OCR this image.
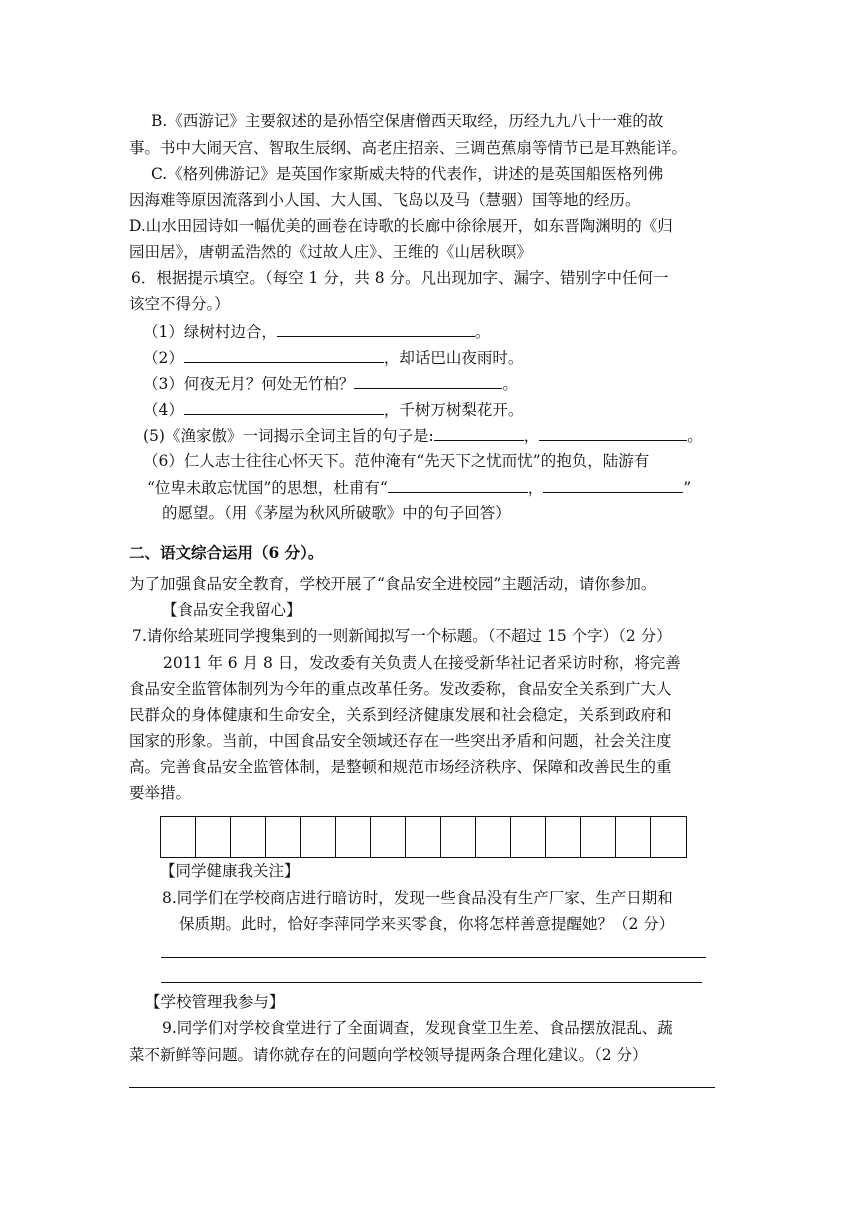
B.《西游记》主要叙述的是孙悟空保唐僧西天取经，历经九九八十一难的故
事。书中大闹天宫、智取生辰纲、高老庄招亲、三调芭蕉扇等情节已是耳熟能详。
C.《格列佛游记》是英国作家斯威夫特的代表作，讲述的是英国船医格列佛
因海难等原因流落到小人国、大人国、飞岛以及马（慧骃）国等地的经历。
D.山水田园诗如一幅优美的画卷在诗歌的长廊中徐徐展开，如东晋陶渊明的《归
园田居》，唐朝孟浩然的《过故人庄》、王维的《山居秋暝》
6．根据提示填空。（每空 1 分，共 8 分。凡出现加字、漏字、错别字中任何一
该空不得分。）
（1）绿树村边合，	。
（2）	，却话巴山夜雨时。
（3）何夜无月？何处无竹柏？	。
（4）	，千树万树梨花开。
(5)《渔家傲》一词揭示全词主旨的句子是:	，	。
（6）仁人志士往往心怀天下。范仲淹有“先天下之忧而忧”的抱负，陆游有
“位卑未敢忘忧国”的思想，杜甫有“	，	”
的愿望。（用《茅屋为秋风所破歌》中的句子回答）
二、语文综合运用（6 分）。
为了加强食品安全教育，学校开展了“食品安全进校园”主题活动，请你参加。
【食品安全我留心】
7.请你给某班同学搜集到的一则新闻拟写一个标题。（不超过 15 个字）（2 分）
2011 年 6 月 8 日，发改委有关负责人在接受新华社记者采访时称，将完善
食品安全监管体制列为今年的重点改革任务。发改委称，食品安全关系到广大人
民群众的身体健康和生命安全，关系到经济健康发展和社会稳定，关系到政府和
国家的形象。当前，中国食品安全领域还存在一些突出矛盾和问题，社会关注度
高。完善食品安全监管体制，是整顿和规范市场经济秩序、保障和改善民生的重
要举措。
【同学健康我关注】
8.同学们在学校商店进行暗访时，发现一些食品没有生产厂家、生产日期和
保质期。此时，恰好李萍同学来买零食，你将怎样善意提醒她？（2 分）
【学校管理我参与】
9.同学们对学校食堂进行了全面调查，发现食堂卫生差、食品摆放混乱、蔬
菜不新鲜等问题。请你就存在的问题向学校领导提两条合理化建议。（2 分）
